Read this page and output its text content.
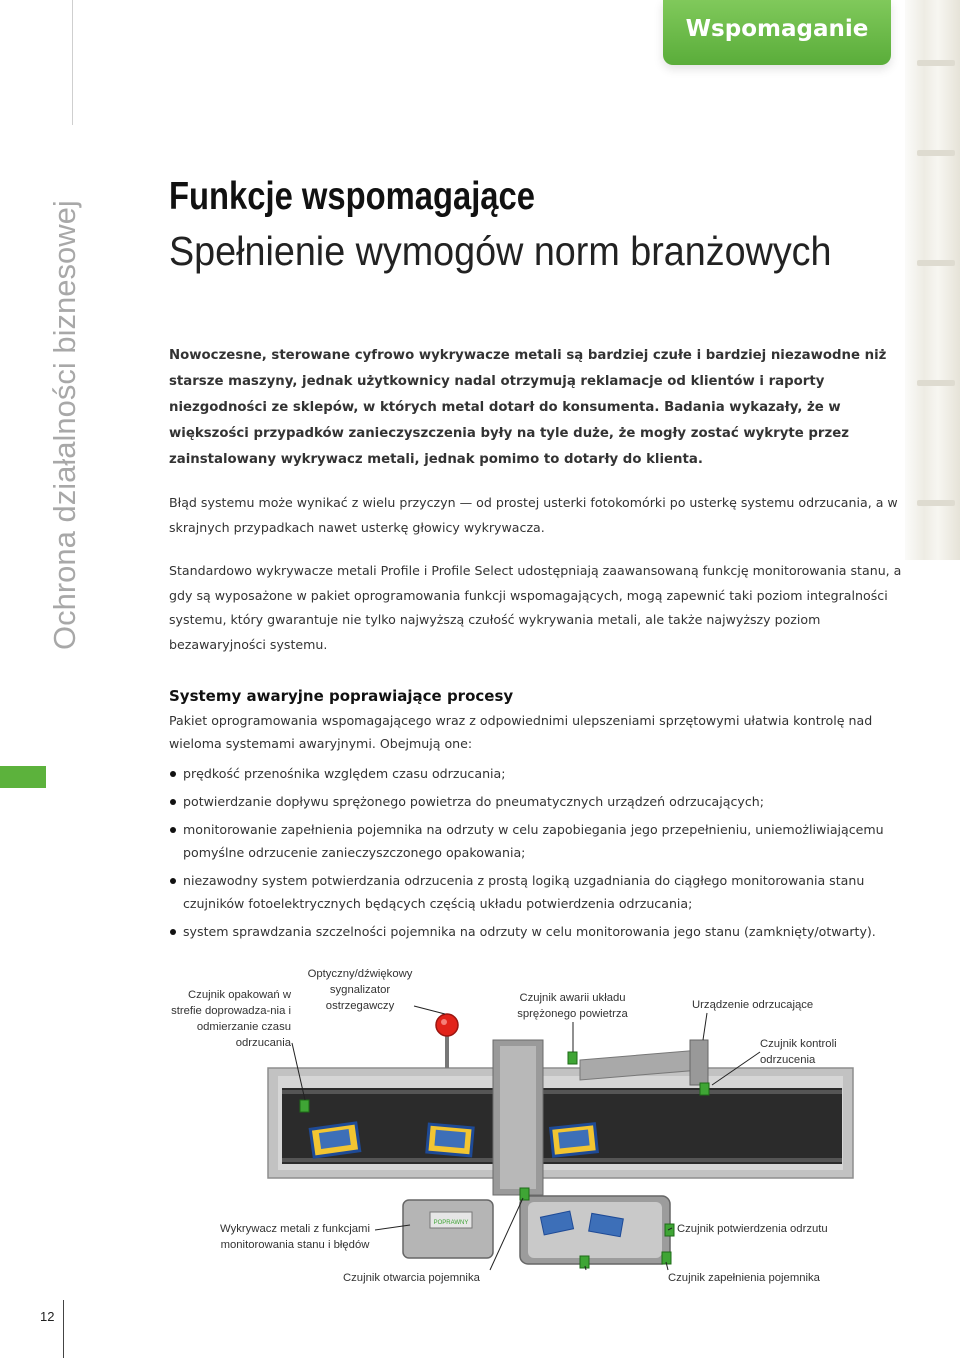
Ochrona działalności biznesowej
Wspomaganie
Funkcje wspomagające
Spełnienie wymogów norm branżowych
Nowoczesne, sterowane cyfrowo wykrywacze metali są bardziej czułe i bardziej niezawodne niż starsze maszyny, jednak użytkownicy nadal otrzymują reklamacje od klientów i raporty niezgodności ze sklepów, w których metal dotarł do konsumenta. Badania wykazały, że w większości przypadków zanieczyszczenia były na tyle duże, że mogły zostać wykryte przez zainstalowany wykrywacz metali, jednak pomimo to dotarły do klienta.
Błąd systemu może wynikać z wielu przyczyn — od prostej usterki fotokomórki po usterkę systemu odrzucania, a w skrajnych przypadkach nawet usterkę głowicy wykrywacza.
Standardowo wykrywacze metali Profile i Profile Select udostępniają zaawansowaną funkcję monitorowania stanu, a gdy są wyposażone w pakiet oprogramowania funkcji wspomagających, mogą zapewnić taki poziom integralności systemu, który gwarantuje nie tylko najwyższą czułość wykrywania metali, ale także najwyższy poziom bezawaryjności systemu.
Systemy awaryjne poprawiające procesy
Pakiet oprogramowania wspomagającego wraz z odpowiednimi ulepszeniami sprzętowymi ułatwia kontrolę nad wieloma systemami awaryjnymi. Obejmują one:
prędkość przenośnika względem czasu odrzucania;
potwierdzanie dopływu sprężonego powietrza do pneumatycznych urządzeń odrzucających;
monitorowanie zapełnienia pojemnika na odrzuty w celu zapobiegania jego przepełnieniu, uniemożliwiającemu pomyślne odrzucenie zanieczyszczonego opakowania;
niezawodny system potwierdzania odrzucenia z prostą logiką uzgadniania do ciągłego monitorowania stanu czujników fotoelektrycznych będących częścią układu potwierdzenia odrzucania;
system sprawdzania szczelności pojemnika na odrzuty w celu monitorowania jego stanu (zamknięty/otwarty).
POPRAWNY
Czujnik opakowań w strefie doprowadza-nia i odmierzanie czasu odrzucania
Optyczny/dźwiękowy sygnalizator ostrzegawczy
Czujnik awarii układu sprężonego powietrza
Urządzenie odrzucające
Czujnik kontroli odrzucenia
Wykrywacz metali z funkcjami monitorowania stanu i błędów
Czujnik potwierdzenia odrzutu
Czujnik otwarcia pojemnika	Czujnik zapełnienia pojemnika
12
